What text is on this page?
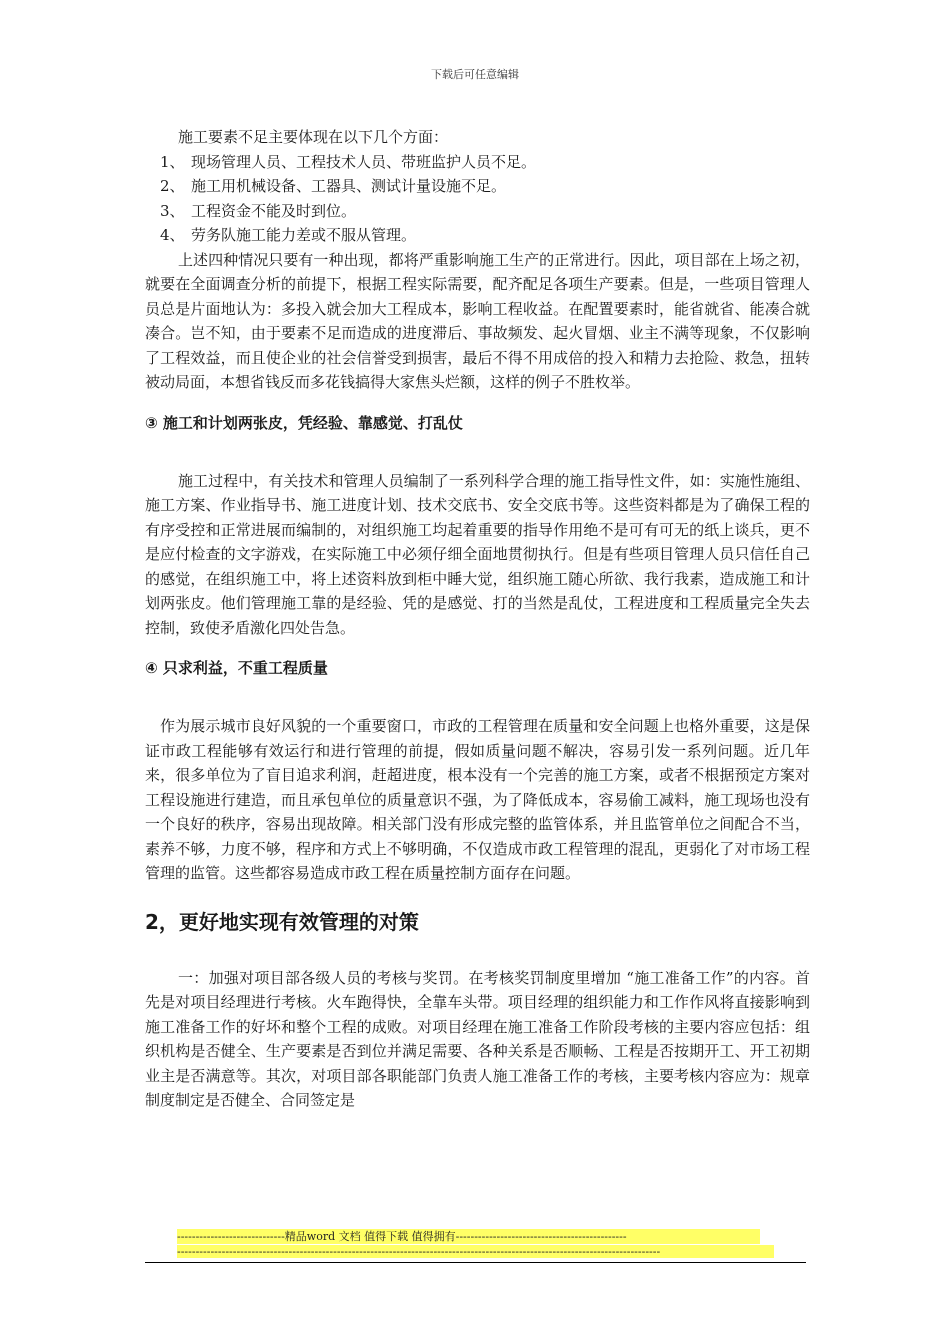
下载后可任意编辑

施工要素不足主要体现在以下几个方面：

1、 现场管理人员、工程技术人员、带班监护人员不足。

2、 施工用机械设备、工器具、测试计量设施不足。

3、 工程资金不能及时到位。

4、 劳务队施工能力差或不服从管理。

上述四种情况只要有一种出现，都将严重影响施工生产的正常进行。因此，项目部在上场之初，就要在全面调查分析的前提下，根据工程实际需要，配齐配足各项生产要素。但是，一些项目管理人员总是片面地认为：多投入就会加大工程成本，影响工程收益。在配置要素时，能省就省、能凑合就凑合。岂不知，由于要素不足而造成的进度滞后、事故频发、起火冒烟、业主不满等现象，不仅影响了工程效益，而且使企业的社会信誉受到损害，最后不得不用成倍的投入和精力去抢险、救急，扭转被动局面，本想省钱反而多花钱搞得大家焦头烂额，这样的例子不胜枚举。

③ 施工和计划两张皮，凭经验、靠感觉、打乱仗

施工过程中，有关技术和管理人员编制了一系列科学合理的施工指导性文件，如：实施性施组、施工方案、作业指导书、施工进度计划、技术交底书、安全交底书等。这些资料都是为了确保工程的有序受控和正常进展而编制的，对组织施工均起着重要的指导作用绝不是可有可无的纸上谈兵，更不是应付检查的文字游戏，在实际施工中必须仔细全面地贯彻执行。但是有些项目管理人员只信任自己的感觉，在组织施工中，将上述资料放到柜中睡大觉，组织施工随心所欲、我行我素，造成施工和计划两张皮。他们管理施工靠的是经验、凭的是感觉、打的当然是乱仗，工程进度和工程质量完全失去控制，致使矛盾激化四处告急。

④ 只求利益，不重工程质量

作为展示城市良好风貌的一个重要窗口，市政的工程管理在质量和安全问题上也格外重要，这是保证市政工程能够有效运行和进行管理的前提，假如质量问题不解决，容易引发一系列问题。近几年来，很多单位为了盲目追求利润，赶超进度，根本没有一个完善的施工方案，或者不根据预定方案对工程设施进行建造，而且承包单位的质量意识不强，为了降低成本，容易偷工减料，施工现场也没有一个良好的秩序，容易出现故障。相关部门没有形成完整的监管体系，并且监管单位之间配合不当，素养不够，力度不够，程序和方式上不够明确，不仅造成市政工程管理的混乱，更弱化了对市场工程管理的监管。这些都容易造成市政工程在质量控制方面存在问题。

2，更好地实现有效管理的对策

一：加强对项目部各级人员的考核与奖罚。在考核奖罚制度里增加 “施工准备工作”的内容。首先是对项目经理进行考核。火车跑得快，全靠车头带。项目经理的组织能力和工作作风将直接影响到施工准备工作的好坏和整个工程的成败。对项目经理在施工准备工作阶段考核的主要内容应包括：组织机构是否健全、生产要素是否到位并满足需要、各种关系是否顺畅、工程是否按期开工、开工初期业主是否满意等。其次，对项目部各职能部门负责人施工准备工作的考核，主要考核内容应为：规章制度制定是否健全、合同签定是

-----------------------------精品word 文档 值得下载 值得拥有----------------------------------------------
----------------------------------------------------------------------------------------------------------------------------------
